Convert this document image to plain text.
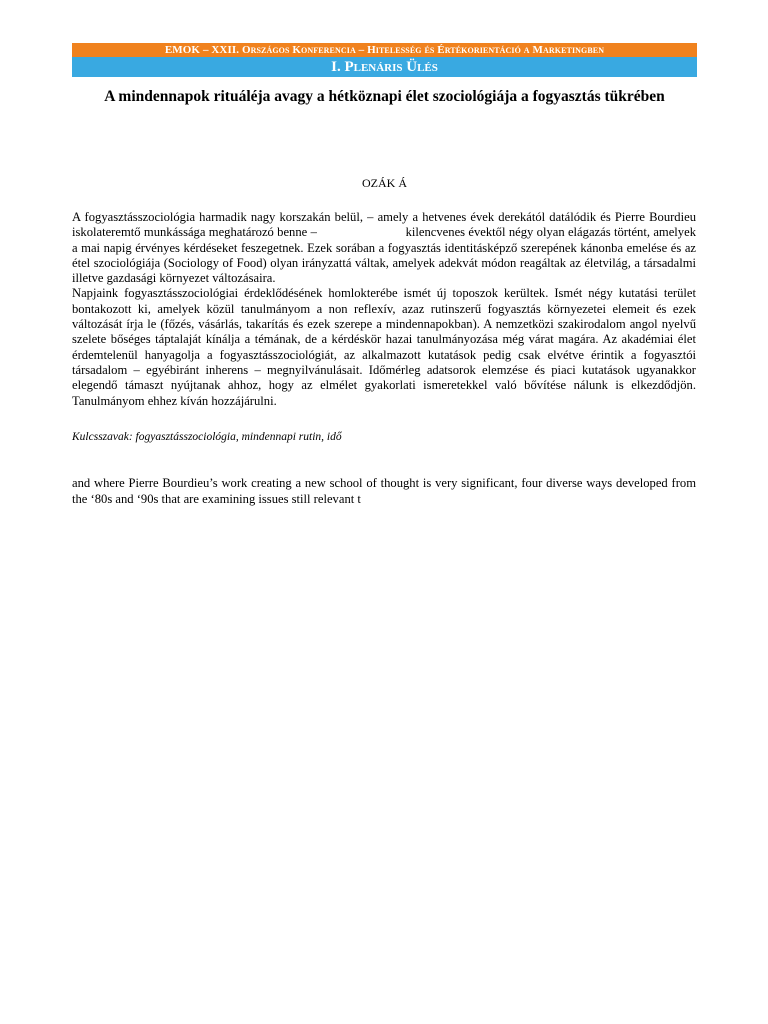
EMOK – XXII. Országos Konferencia – Hitelesség és Értékorientáció a Marketingben
I. Plenáris Ülés
A mindennapok rituáléja avagy a hétköznapi élet szociológiája a fogyasztás tükrében
OZÁK Á

A fogyasztásszociológia harmadik nagy korszakán belül, – amely a hetvenes évek derekától datálódik és Pierre Bourdieu iskolateremtő munkássága meghatározó benne –	kilencvenes évektől négy olyan elágazás történt, amelyek a mai napig érvényes kérdéseket feszegetnek. Ezek sorában a fogyasztás identitásképző szerepének kánonba emelése és az étel szociológiája (Sociology of Food) olyan irányzattá váltak, amelyek adekvát módon reagáltak az életvilág, a társadalmi illetve gazdasági környezet változásaira.

Napjaink fogyasztásszociológiai érdeklődésének homlokterébe ismét új toposzok kerültek. Ismét négy kutatási terület bontakozott ki, amelyek közül tanulmányom a non reflexív, azaz rutinszerű fogyasztás környezetei elemeit és ezek változását írja le (főzés, vásárlás, takarítás és ezek szerepe a mindennapokban). A nemzetközi szakirodalom angol nyelvű szelete bőséges táptalaját kínálja a témának, de a kérdéskör hazai tanulmányozása még várat magára. Az akadémiai élet érdemtelenül hanyagolja a fogyasztásszociológiát, az alkalmazott kutatások pedig csak elvétve érintik a fogyasztói társadalom – egyébiránt inherens – megnyilvánulásait. Időmérleg adatsorok elemzése és piaci kutatások ugyanakkor elegendő támaszt nyújtanak ahhoz, hogy az elmélet gyakorlati ismeretekkel való bővítése nálunk is elkezdődjön. Tanulmányom ehhez kíván hozzájárulni.

Kulcsszavak: fogyasztásszociológia, mindennapi rutin, idő

and where Pierre Bourdieu’s work creating a new school of thought is very significant, four diverse ways developed from the ‘80s and ‘90s that are examining issues still relevant t
